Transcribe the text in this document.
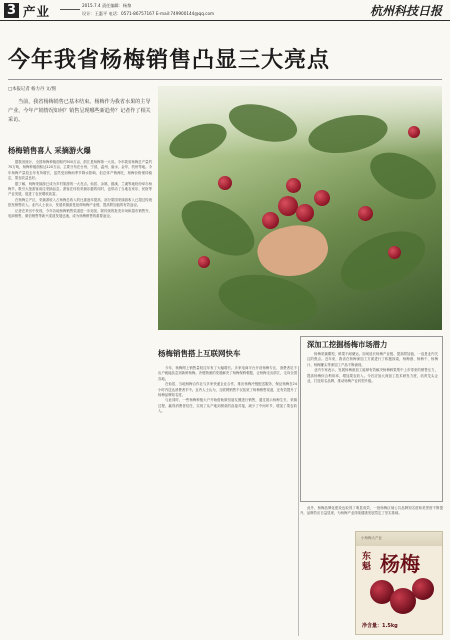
3 产业	2015.7.4 责任编辑：杨黎
设计：王惠平 电话：0571-86757167 E-mail:749900144@qq.com	杭州科技日报
今年我省杨梅销售凸显三大亮点
□本报记者 杨力丹 文/图
当前，我省杨梅销售已基本结束。杨梅作为我省水果的主导产业，今年产销情况如何？销售呈现哪些新趋势？记者作了相关采访。
杨梅销售喜人 采摘游火爆

据我省统计，全国杨梅种植面积约500万亩，浙江是杨梅第一大省。今年我省杨梅总产量约70万吨，杨梅种植面积达120万亩，主要分布在台州、宁波、温州、丽水、金华、杭州等地。今年杨梅产量较去年有所增长，虽然受到梅雨季节降水影响，但总体产销两旺，杨梅价格保持稳定，果农收益良好。

据了解，杨梅采摘游已成为乡村旅游的一大亮点。仙居、余姚、慈溪、兰溪等地纷纷举办杨梅节，吸引大批游客前往采摘品尝。游客在体验采摘乐趣的同时，也带动了当地农家乐、民宿等产业发展，促进了农民增收致富。

在杨梅主产区，采摘游收入占杨梅总收入的比重逐年提高，部分果园采摘游收入已超过传统批发销售收入。业内人士表示，发展采摘游是延伸杨梅产业链、提高附加值的有效途径。

记者在采访中发现，今年各地杨梅销售渠道进一步拓宽，除传统的批发市场和超市销售外，电商销售、微信销售等新兴渠道发展迅速，成为杨梅销售的重要途径。

杨梅销售搭上互联网快车

今年，杨梅网上销售量较往年有了大幅增长。多家电商平台开设杨梅专区，消费者足不出户就能品尝到新鲜杨梅。冷链物流的发展解决了杨梅保鲜难题，让杨梅走出浙江，走向全国各地。

在仙居，当地杨梅合作社与多家快递企业合作，推出杨梅冷链配送服务，保证杨梅在24小时内送达消费者手中。业内人士认为，互联网销售不仅拓宽了杨梅销售渠道，还有效提升了杨梅品牌知名度。

与此同时，一些杨梅种植大户开始借助微信朋友圈进行销售，通过展示杨梅生长、采摘过程，赢得消费者信任，实现了从产地到餐桌的直接对接，减少了中间环节，增加了果农收入。

深加工挖掘杨梅市场潜力

杨梅采摘期短，鲜果不耐储运，如何延长杨梅产业链、提高附加值，一直是业内关注的焦点。近年来，我省在杨梅深加工方面进行了积极探索，杨梅酒、杨梅干、杨梅汁、杨梅罐头等深加工产品不断涌现。

业内专家表示，发展杨梅深加工能够有效解决杨梅鲜果集中上市带来的销售压力，提高杨梅综合利用率，增加果农收入。今后应加大深加工技术研发力度，培育龙头企业，打造知名品牌，推动杨梅产业转型升级。

此外，杨梅品牌化建设也取得了明显成效，一批杨梅区域公共品牌知名度和美誉度不断提升，品牌效应日益显现，为杨梅产业持续健康发展奠定了坚实基础。

小杨梅大产业
东魁 杨梅
净含量：1.5kg
